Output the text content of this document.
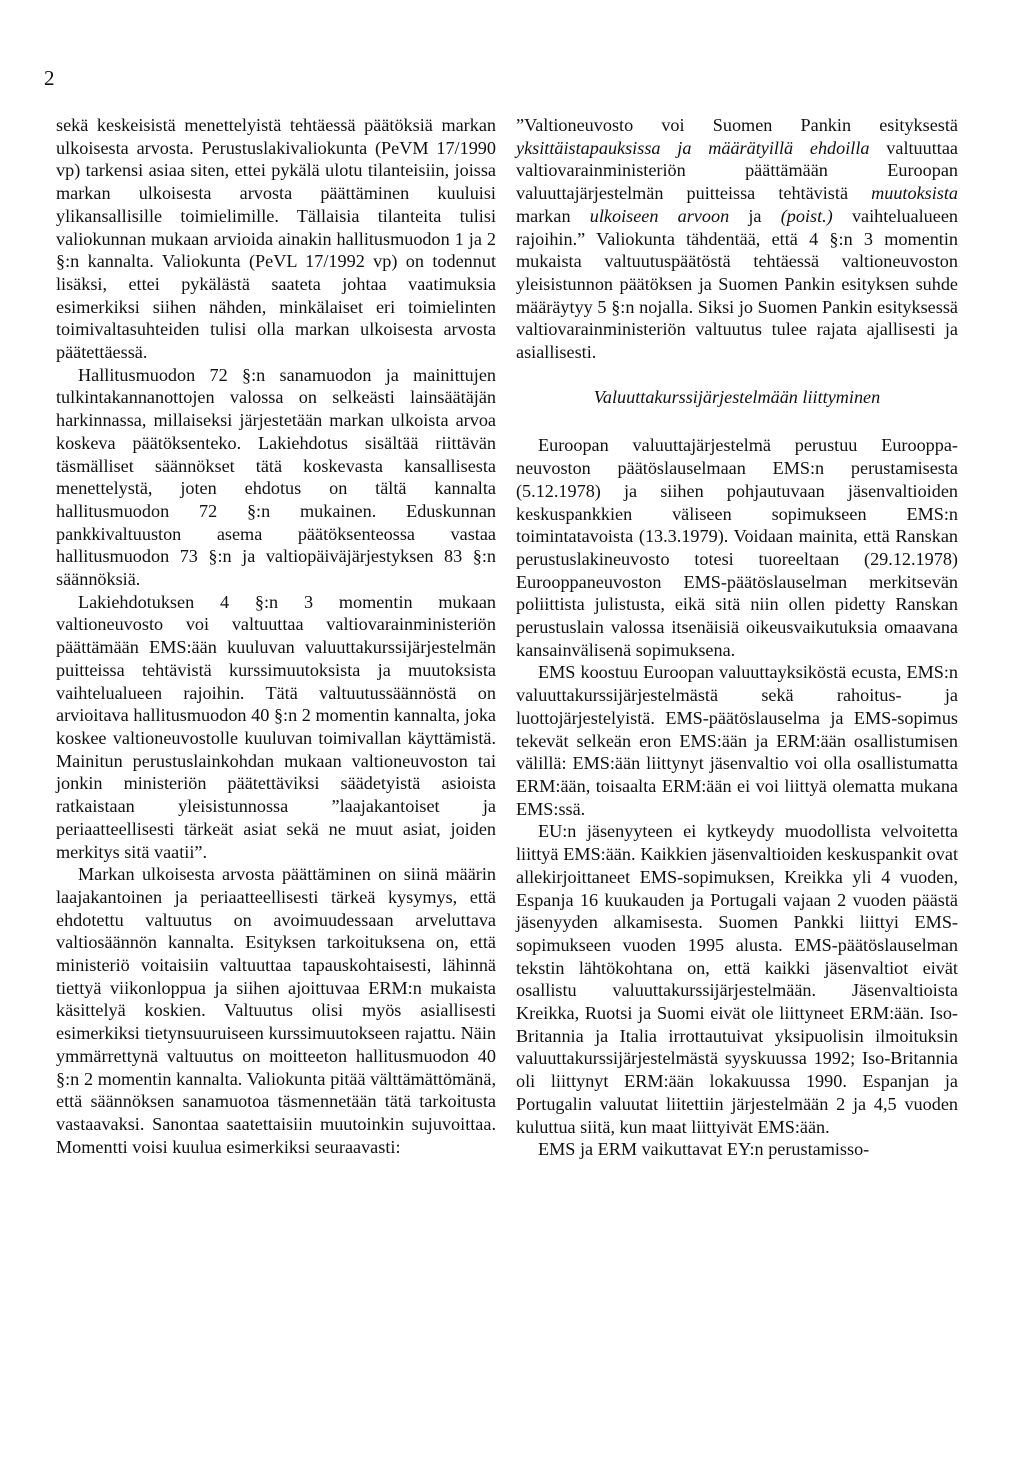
2

sekä keskeisistä menettelyistä tehtäessä päätöksiä markan ulkoisesta arvosta. Perustuslakivaliokunta (PeVM 17/1990 vp) tarkensi asiaa siten, ettei pykälä ulotu tilanteisiin, joissa markan ulkoisesta arvosta päättäminen kuuluisi ylikansallisille toimielimille. Tällaisia tilanteita tulisi valiokunnan mukaan arvioida ainakin hallitusmuodon 1 ja 2 §:n kannalta. Valiokunta (PeVL 17/1992 vp) on todennut lisäksi, ettei pykälästä saateta johtaa vaatimuksia esimerkiksi siihen nähden, minkälaiset eri toimielinten toimivaltasuhteiden tulisi olla markan ulkoisesta arvosta päätettäessä.

Hallitusmuodon 72 §:n sanamuodon ja mainittujen tulkintakannanottojen valossa on selkeästi lainsäätäjän harkinnassa, millaiseksi järjestetään markan ulkoista arvoa koskeva päätöksenteko. Lakiehdotus sisältää riittävän täsmälliset säännökset tätä koskevasta kansallisesta menettelystä, joten ehdotus on tältä kannalta hallitusmuodon 72 §:n mukainen. Eduskunnan pankkivaltuuston asema päätöksenteossa vastaa hallitusmuodon 73 §:n ja valtiopäiväjärjestyksen 83 §:n säännöksiä.

Lakiehdotuksen 4 §:n 3 momentin mukaan valtioneuvosto voi valtuuttaa valtiovarainministeriön päättämään EMS:ään kuuluvan valuuttakurssijärjestelmän puitteissa tehtävistä kurssimuutoksista ja muutoksista vaihtelualueen rajoihin. Tätä valtuutussäännöstä on arvioitava hallitusmuodon 40 §:n 2 momentin kannalta, joka koskee valtioneuvostolle kuuluvan toimivallan käyttämistä. Mainitun perustuslainkohdan mukaan valtioneuvoston tai jonkin ministeriön päätettäviksi säädetyistä asioista ratkaistaan yleisistunnossa ”laajakantoiset ja periaatteellisesti tärkeät asiat sekä ne muut asiat, joiden merkitys sitä vaatii”.

Markan ulkoisesta arvosta päättäminen on siinä määrin laajakantoinen ja periaatteellisesti tärkeä kysymys, että ehdotettu valtuutus on avoimuudessaan arveluttava valtiosäännön kannalta. Esityksen tarkoituksena on, että ministeriö voitaisiin valtuuttaa tapauskohtaisesti, lähinnä tiettyä viikonloppua ja siihen ajoittuvaa ERM:n mukaista käsittelyä koskien. Valtuutus olisi myös asiallisesti esimerkiksi tietynsuuruiseen kurssimuutokseen rajattu. Näin ymmärrettynä valtuutus on moitteeton hallitusmuodon 40 §:n 2 momentin kannalta. Valiokunta pitää välttämättömänä, että säännöksen sanamuotoa täsmennetään tätä tarkoitusta vastaavaksi. Sanontaa saatettaisiin muutoinkin sujuvoittaa. Momentti voisi kuulua esimerkiksi seuraavasti:

”Valtioneuvosto voi Suomen Pankin esityksestä yksittäistapauksissa ja määrätyillä ehdoilla valtuuttaa valtiovarainministeriön päättämään Euroopan valuuttajärjestelmän puitteissa tehtävistä muutoksista markan ulkoiseen arvoon ja (poist.) vaihtelualueen rajoihin.” Valiokunta tähdentää, että 4 §:n 3 momentin mukaista valtuutuspäätöstä tehtäessä valtioneuvoston yleisistunnon päätöksen ja Suomen Pankin esityksen suhde määräytyy 5 §:n nojalla. Siksi jo Suomen Pankin esityksessä valtiovarainministeriön valtuutus tulee rajata ajallisesti ja asiallisesti.

Valuuttakurssijärjestelmään liittyminen

Euroopan valuuttajärjestelmä perustuu Eurooppa-neuvoston päätöslauselmaan EMS:n perustamisesta (5.12.1978) ja siihen pohjautuvaan jäsenvaltioiden keskuspankkien väliseen sopimukseen EMS:n toimintatavoista (13.3.1979). Voidaan mainita, että Ranskan perustuslakineuvosto totesi tuoreeltaan (29.12.1978) Eurooppaneuvoston EMS-päätöslauselman merkitsevän poliittista julistusta, eikä sitä niin ollen pidetty Ranskan perustuslain valossa itsenäisiä oikeusvaikutuksia omaavana kansainvälisenä sopimuksena.

EMS koostuu Euroopan valuuttayksiköstä ecusta, EMS:n valuuttakurssijärjestelmästä sekä rahoitus- ja luottojärjestelyistä. EMS-päätöslauselma ja EMS-sopimus tekevät selkeän eron EMS:ään ja ERM:ään osallistumisen välillä: EMS:ään liittynyt jäsenvaltio voi olla osallistumatta ERM:ään, toisaalta ERM:ään ei voi liittyä olematta mukana EMS:ssä.

EU:n jäsenyyteen ei kytkeydy muodollista velvoitetta liittyä EMS:ään. Kaikkien jäsenvaltioiden keskuspankit ovat allekirjoittaneet EMS-sopimuksen, Kreikka yli 4 vuoden, Espanja 16 kuukauden ja Portugali vajaan 2 vuoden päästä jäsenyyden alkamisesta. Suomen Pankki liittyi EMS-sopimukseen vuoden 1995 alusta. EMS-päätöslauselman tekstin lähtökohtana on, että kaikki jäsenvaltiot eivät osallistu valuuttakurssijärjestelmään. Jäsenvaltioista Kreikka, Ruotsi ja Suomi eivät ole liittyneet ERM:ään. Iso-Britannia ja Italia irrottautuivat yksipuolisin ilmoituksin valuuttakurssijärjestelmästä syyskuussa 1992; Iso-Britannia oli liittynyt ERM:ään lokakuussa 1990. Espanjan ja Portugalin valuutat liitettiin järjestelmään 2 ja 4,5 vuoden kuluttua siitä, kun maat liittyivät EMS:ään.

EMS ja ERM vaikuttavat EY:n perustamisso-
